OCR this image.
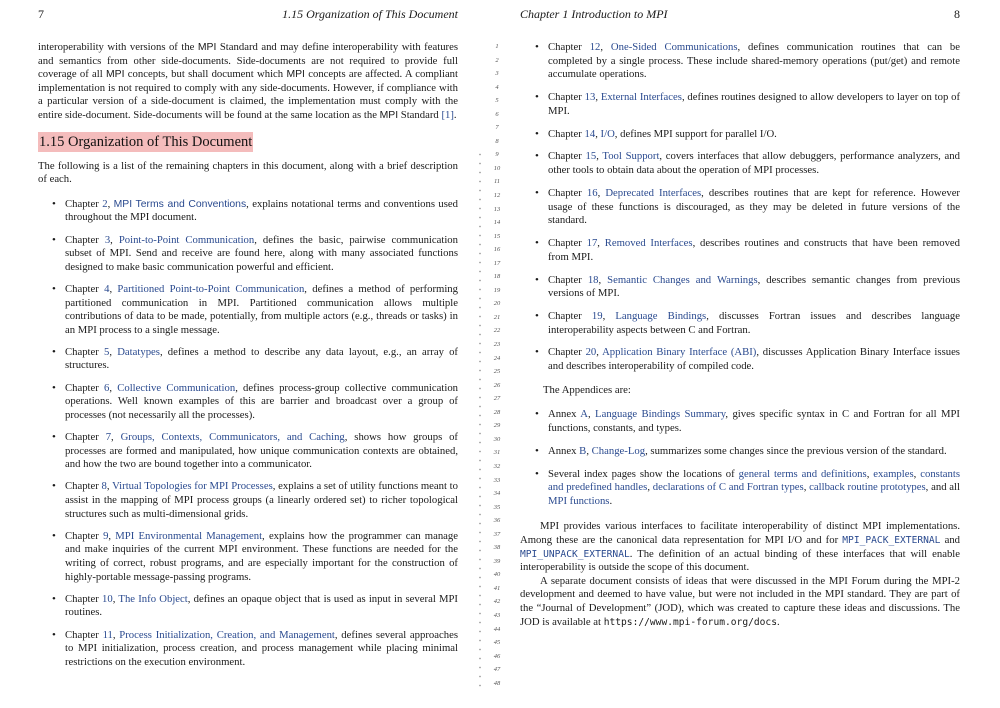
7	1.15 Organization of This Document

interoperability with versions of the MPI Standard and may define interoperability with features and semantics from other side-documents. Side-documents are not required to provide full coverage of all MPI concepts, but shall document which MPI concepts are affected. A compliant implementation is not required to comply with any side-documents. However, if compliance with a particular version of a side-document is claimed, the implementation must comply with the entire side-document. Side-documents will be found at the same location as the MPI Standard [1].

1.15 Organization of This Document

The following is a list of the remaining chapters in this document, along with a brief description of each.

• Chapter 2, MPI Terms and Conventions, explains notational terms and conventions used throughout the MPI document.
• Chapter 3, Point-to-Point Communication, defines the basic, pairwise communication subset of MPI. Send and receive are found here, along with many associated functions designed to make basic communication powerful and efficient.
• Chapter 4, Partitioned Point-to-Point Communication, defines a method of performing partitioned communication in MPI. Partitioned communication allows multiple contributions of data to be made, potentially, from multiple actors (e.g., threads or tasks) in an MPI process to a single message.
• Chapter 5, Datatypes, defines a method to describe any data layout, e.g., an array of structures.
• Chapter 6, Collective Communication, defines process-group collective communication operations. Well known examples of this are barrier and broadcast over a group of processes (not necessarily all the processes).
• Chapter 7, Groups, Contexts, Communicators, and Caching, shows how groups of processes are formed and manipulated, how unique communication contexts are obtained, and how the two are bound together into a communicator.
• Chapter 8, Virtual Topologies for MPI Processes, explains a set of utility functions meant to assist in the mapping of MPI process groups (a linearly ordered set) to richer topological structures such as multi-dimensional grids.
• Chapter 9, MPI Environmental Management, explains how the programmer can manage and make inquiries of the current MPI environment. These functions are needed for the writing of correct, robust programs, and are especially important for the construction of highly-portable message-passing programs.
• Chapter 10, The Info Object, defines an opaque object that is used as input in several MPI routines.
• Chapter 11, Process Initialization, Creation, and Management, defines several approaches to MPI initialization, process creation, and process management while placing minimal restrictions on the execution environment.
1
2
3
4
5
6
7
8
9
10
11
12
13
14
15
16
17
18
19
20
21
22
23
24
25
26
27
28
29
30
31
32
33
34
35
36
37
38
39
40
41
42
43
44
45
46
47
48
Chapter 1 Introduction to MPI	8
• Chapter 12, One-Sided Communications, defines communication routines that can be completed by a single process. These include shared-memory operations (put/get) and remote accumulate operations.
• Chapter 13, External Interfaces, defines routines designed to allow developers to layer on top of MPI.
• Chapter 14, I/O, defines MPI support for parallel I/O.
• Chapter 15, Tool Support, covers interfaces that allow debuggers, performance analyzers, and other tools to obtain data about the operation of MPI processes.
• Chapter 16, Deprecated Interfaces, describes routines that are kept for reference. However usage of these functions is discouraged, as they may be deleted in future versions of the standard.
• Chapter 17, Removed Interfaces, describes routines and constructs that have been removed from MPI.
• Chapter 18, Semantic Changes and Warnings, describes semantic changes from previous versions of MPI.
• Chapter 19, Language Bindings, discusses Fortran issues and describes language interoperability aspects between C and Fortran.
• Chapter 20, Application Binary Interface (ABI), discusses Application Binary Interface issues and describes interoperability of compiled code.

The Appendices are:

• Annex A, Language Bindings Summary, gives specific syntax in C and Fortran for all MPI functions, constants, and types.
• Annex B, Change-Log, summarizes some changes since the previous version of the standard.
• Several index pages show the locations of general terms and definitions, examples, constants and predefined handles, declarations of C and Fortran types, callback routine prototypes, and all MPI functions.

MPI provides various interfaces to facilitate interoperability of distinct MPI implementations. Among these are the canonical data representation for MPI I/O and for MPI_PACK_EXTERNAL and MPI_UNPACK_EXTERNAL. The definition of an actual binding of these interfaces that will enable interoperability is outside the scope of this document.

A separate document consists of ideas that were discussed in the MPI Forum during the MPI-2 development and deemed to have value, but were not included in the MPI standard. They are part of the “Journal of Development” (JOD), which was created to capture these ideas and discussions. The JOD is available at https://www.mpi-forum.org/docs.
